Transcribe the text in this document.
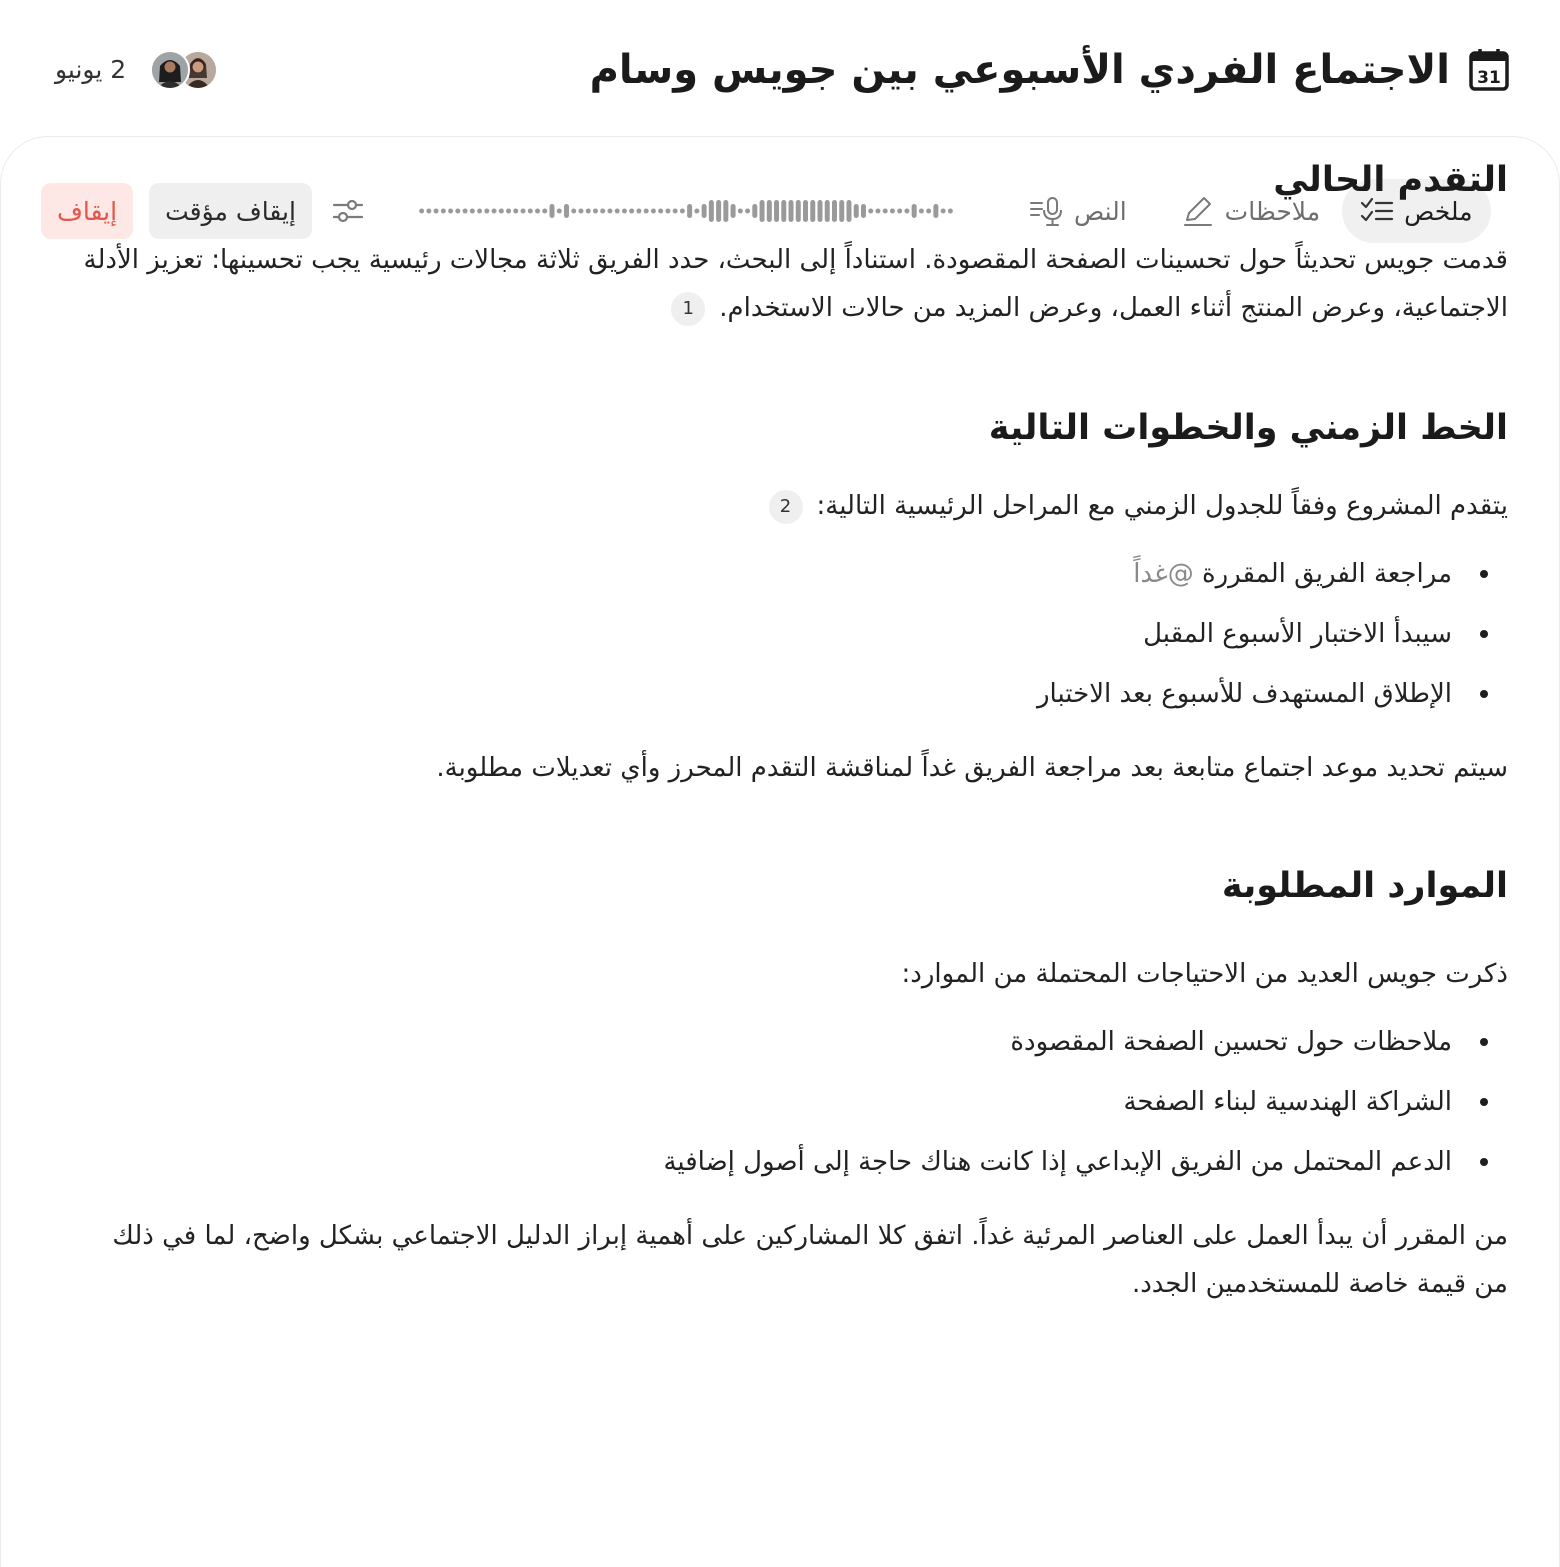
31
الاجتماع الفردي الأسبوعي بين جويس وسام
2 يونيو
إيقاف	إيقاف مؤقت	النص	ملاحظات	ملخص
التقدم الحالي

قدمت جويس تحديثاً حول تحسينات الصفحة المقصودة. استناداً إلى البحث، حدد الفريق ثلاثة مجالات رئيسية يجب تحسينها: تعزيز الأدلة الاجتماعية، وعرض المنتج أثناء العمل، وعرض المزيد من حالات الاستخدام.1

الخط الزمني والخطوات التالية

يتقدم المشروع وفقاً للجدول الزمني مع المراحل الرئيسية التالية:2

مراجعة الفريق المقررة @غداً
سيبدأ الاختبار الأسبوع المقبل
الإطلاق المستهدف للأسبوع بعد الاختبار

سيتم تحديد موعد اجتماع متابعة بعد مراجعة الفريق غداً لمناقشة التقدم المحرز وأي تعديلات مطلوبة.

الموارد المطلوبة

ذكرت جويس العديد من الاحتياجات المحتملة من الموارد:

ملاحظات حول تحسين الصفحة المقصودة
الشراكة الهندسية لبناء الصفحة
الدعم المحتمل من الفريق الإبداعي إذا كانت هناك حاجة إلى أصول إضافية

من المقرر أن يبدأ العمل على العناصر المرئية غداً. اتفق كلا المشاركين على أهمية إبراز الدليل الاجتماعي بشكل واضح، لما في ذلك من قيمة خاصة للمستخدمين الجدد.
